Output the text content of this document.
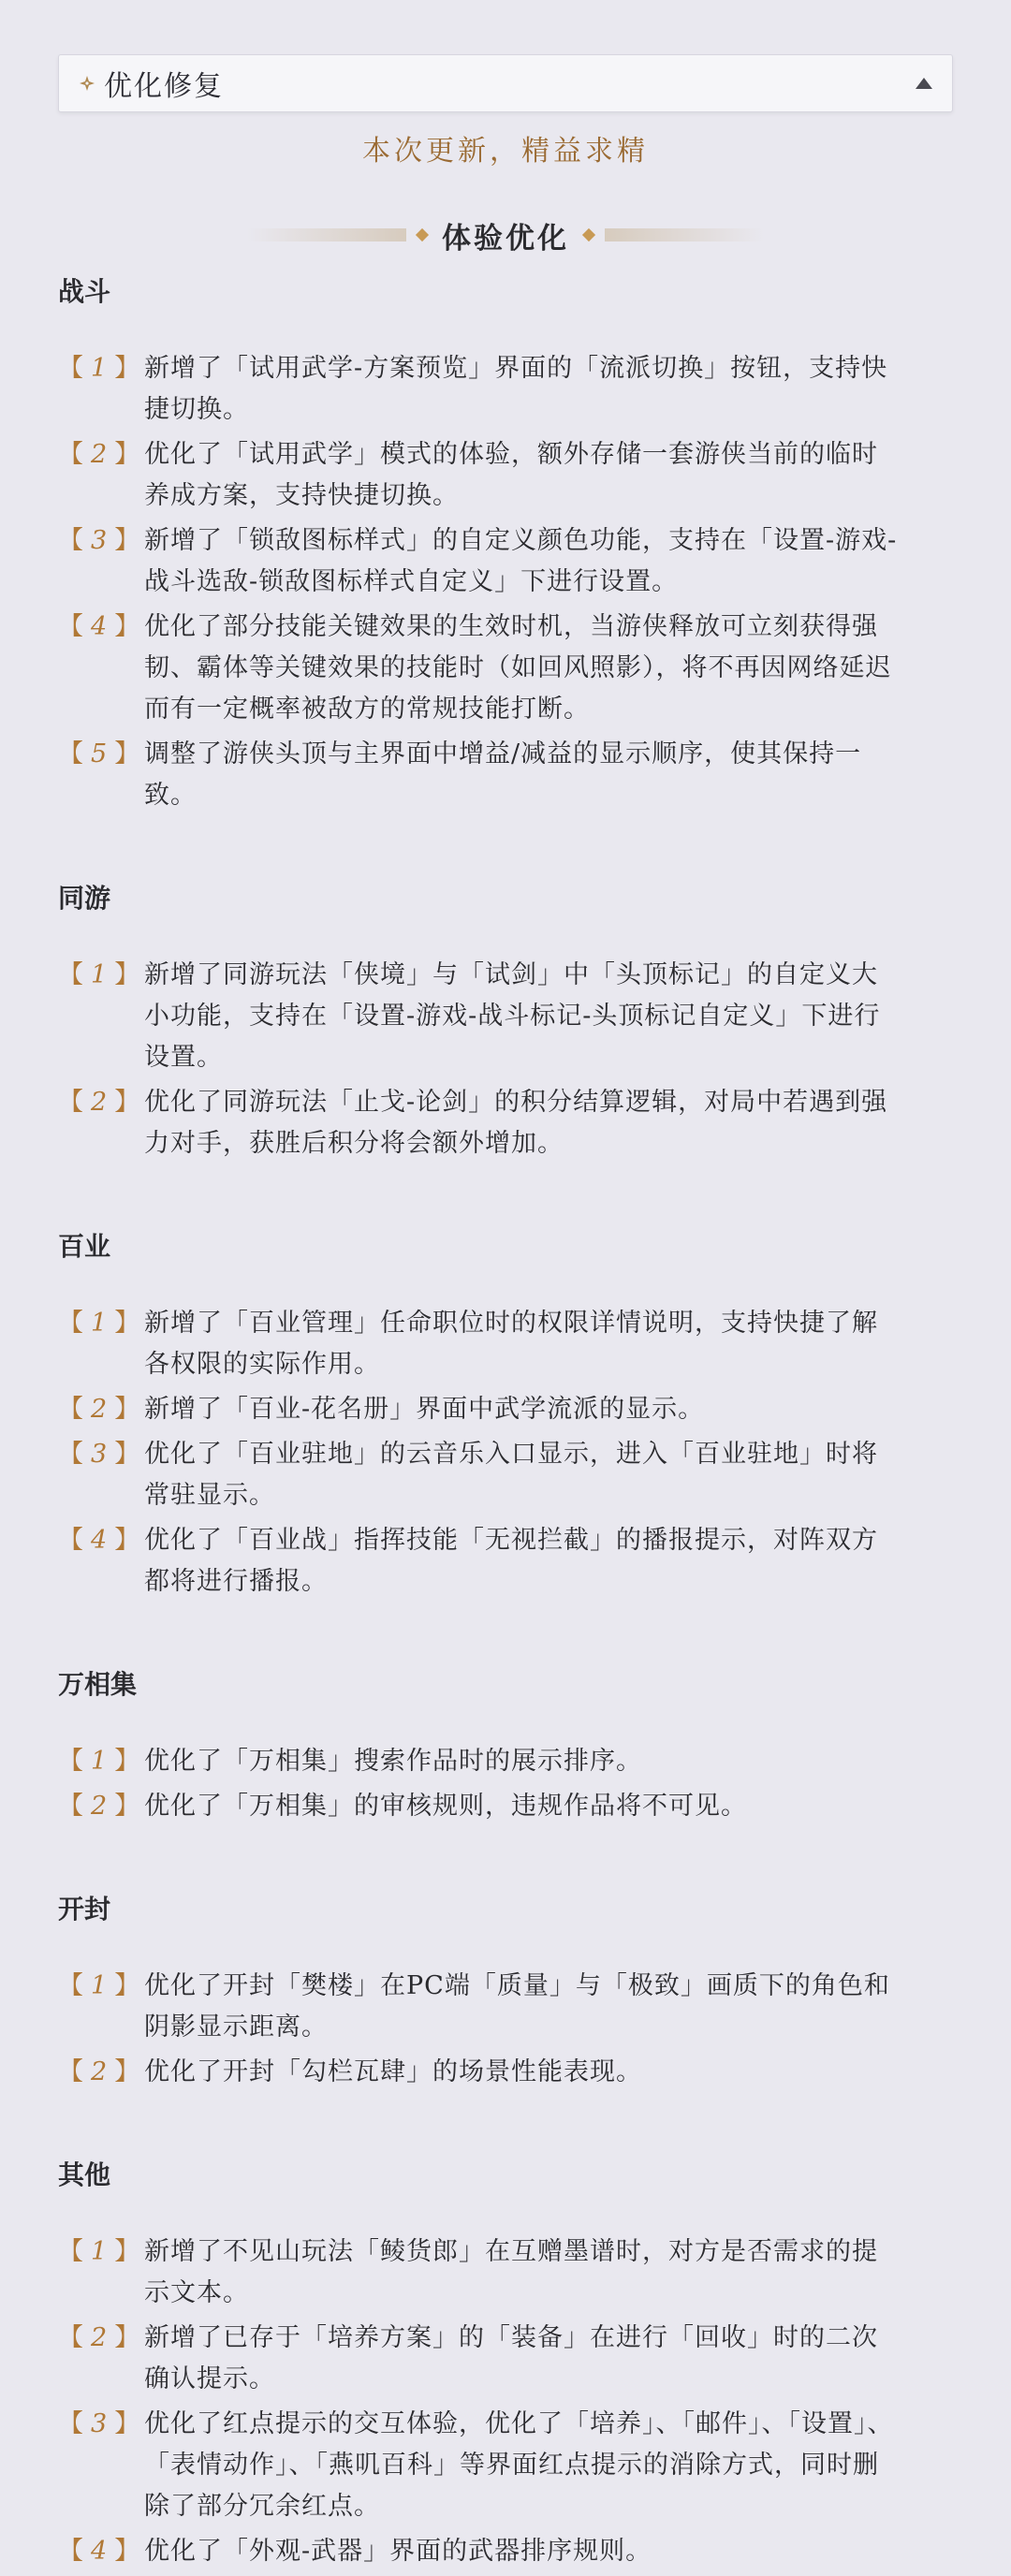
优化修复
本次更新，精益求精
体验优化
战斗
【 1 】 新增了「试用武学-方案预览」界面的「流派切换」按钮，支持快捷切换。
【 2 】 优化了「试用武学」模式的体验，额外存储一套游侠当前的临时养成方案，支持快捷切换。
【 3 】 新增了「锁敌图标样式」的自定义颜色功能，支持在「设置-游戏-战斗选敌-锁敌图标样式自定义」下进行设置。
【 4 】 优化了部分技能关键效果的生效时机，当游侠释放可立刻获得强韧、霸体等关键效果的技能时（如回风照影），将不再因网络延迟而有一定概率被敌方的常规技能打断。
【 5 】 调整了游侠头顶与主界面中增益/减益的显示顺序，使其保持一致。
同游
【 1 】 新增了同游玩法「侠境」与「试剑」中「头顶标记」的自定义大小功能，支持在「设置-游戏-战斗标记-头顶标记自定义」下进行设置。
【 2 】 优化了同游玩法「止戈-论剑」的积分结算逻辑，对局中若遇到强力对手，获胜后积分将会额外增加。
百业
【 1 】 新增了「百业管理」任命职位时的权限详情说明，支持快捷了解各权限的实际作用。
【 2 】 新增了「百业-花名册」界面中武学流派的显示。
【 3 】 优化了「百业驻地」的云音乐入口显示，进入「百业驻地」时将常驻显示。
【 4 】 优化了「百业战」指挥技能「无视拦截」的播报提示，对阵双方都将进行播报。
万相集
【 1 】 优化了「万相集」搜索作品时的展示排序。
【 2 】 优化了「万相集」的审核规则，违规作品将不可见。
开封
【 1 】 优化了开封「樊楼」在PC端「质量」与「极致」画质下的角色和阴影显示距离。
【 2 】 优化了开封「勾栏瓦肆」的场景性能表现。
其他
【 1 】 新增了不见山玩法「鲮货郎」在互赠墨谱时，对方是否需求的提示文本。
【 2 】 新增了已存于「培养方案」的「装备」在进行「回收」时的二次确认提示。
【 3 】 优化了红点提示的交互体验，优化了「培养」、「邮件」、「设置」、「表情动作」、「燕叽百科」等界面红点提示的消除方式，同时删除了部分冗余红点。
【 4 】 优化了「外观-武器」界面的武器排序规则。
